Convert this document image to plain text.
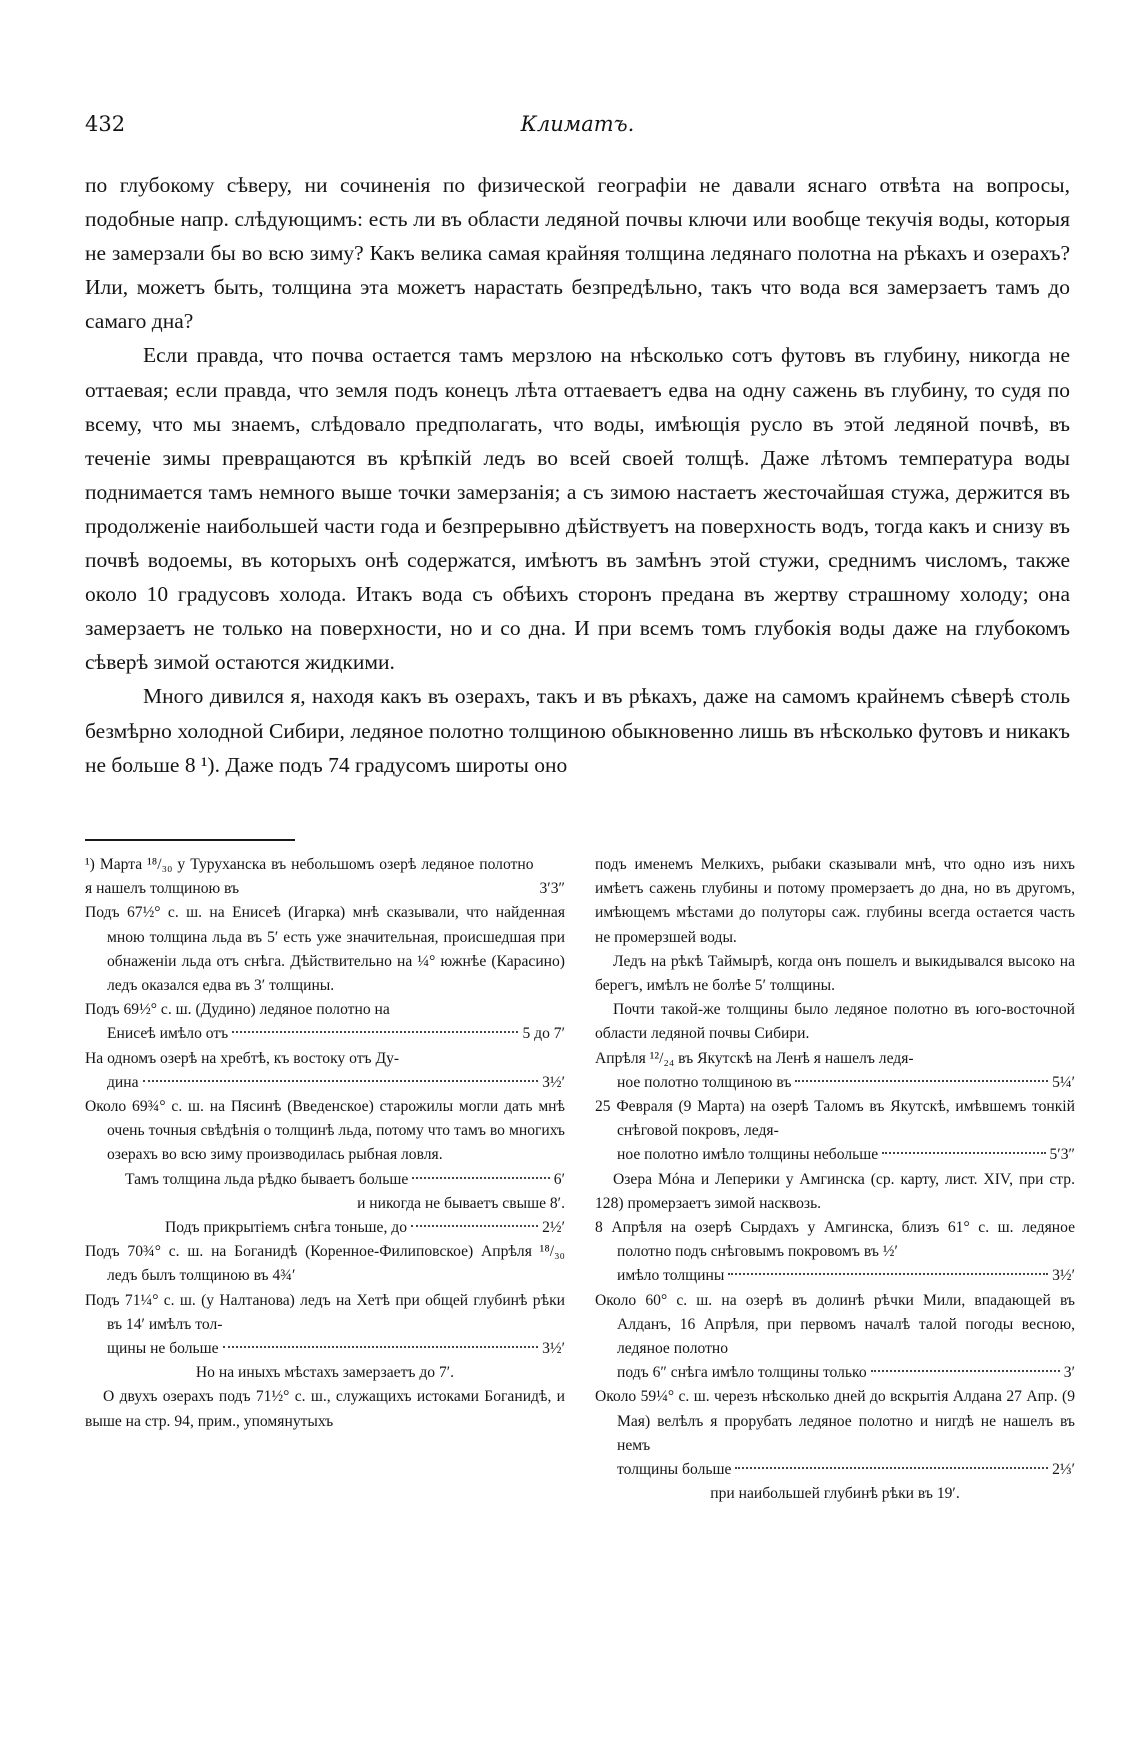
432	Климатъ.

по глубокому сѣверу, ни сочиненія по физической географіи не давали яснаго отвѣта на вопросы, подобные напр. слѣдующимъ: есть ли въ области ледяной почвы ключи или вообще текучія воды, которыя не замерзали бы во всю зиму? Какъ велика самая крайняя толщина ледянаго полотна на рѣкахъ и озерахъ? Или, можетъ быть, толщина эта можетъ нарастать безпредѣльно, такъ что вода вся замерзаетъ тамъ до самаго дна?

Если правда, что почва остается тамъ мерзлою на нѣсколько сотъ футовъ въ глубину, никогда не оттаевая; если правда, что земля подъ конецъ лѣта оттаеваетъ едва на одну сажень въ глубину, то судя по всему, что мы знаемъ, слѣдовало предполагать, что воды, имѣющія русло въ этой ледяной почвѣ, въ теченіе зимы превращаются въ крѣпкій ледъ во всей своей толщѣ. Даже лѣтомъ температура воды поднимается тамъ немного выше точки замерзанія; а съ зимою настаетъ жесточайшая стужа, держится въ продолженіе наибольшей части года и безпрерывно дѣйствуетъ на поверхность водъ, тогда какъ и снизу въ почвѣ водоемы, въ которыхъ онѣ содержатся, имѣютъ въ замѣнъ этой стужи, среднимъ числомъ, также около 10 градусовъ холода. Итакъ вода съ обѣихъ сторонъ предана въ жертву страшному холоду; она замерзаетъ не только на поверхности, но и со дна. И при всемъ томъ глубокія воды даже на глубокомъ сѣверѣ зимой остаются жидкими.

Много дивился я, находя какъ въ озерахъ, такъ и въ рѣкахъ, даже на самомъ крайнемъ сѣверѣ столь безмѣрно холодной Сибири, ледяное полотно толщиною обыкновенно лишь въ нѣсколько футовъ и никакъ не больше 8 ¹). Даже подъ 74 градусомъ широты оно

¹) Марта ¹⁸/₃₀ у Туруханска въ небольшомъ озерѣ ледяное полотно я нашелъ толщиною въ	3′3″

Подъ 67½° с. ш. на Енисеѣ (Игарка) мнѣ сказывали, что найденная мною толщина льда въ 5′ есть уже значительная, происшедшая при обнаженіи льда отъ снѣга. Дѣйствительно на ¼° южнѣе (Карасино) ледъ оказался едва въ 3′ толщины.

Подъ 69½° с. ш. (Дудино) ледяное полотно на

Енисеѣ имѣло отъ	5 до 7′

На одномъ озерѣ на хребтѣ, къ востоку отъ Ду-

дина	3½′

Около 69¾° с. ш. на Пясинѣ (Введенское) старожилы могли дать мнѣ очень точныя свѣдѣнія о толщинѣ льда, потому что тамъ во многихъ озерахъ во всю зиму производилась рыбная ловля.

Тамъ толщина льда рѣдко бываетъ больше	6′

и никогда не бываетъ свыше 8′.

Подъ прикрытіемъ снѣга тоньше, до	2½′

Подъ 70¾° с. ш. на Боганидѣ (Коренное-Филиповское) Апрѣля ¹⁸/₃₀ ледъ былъ толщиною въ 4¾′

Подъ 71¼° с. ш. (у Налтанова) ледъ на Хетѣ при общей глубинѣ рѣки въ 14′ имѣлъ тол-

щины не больше	3½′

Но на иныхъ мѣстахъ замерзаетъ до 7′.

О двухъ озерахъ подъ 71½° с. ш., служащихъ истоками Боганидѣ, и выше на стр. 94, прим., упомянутыхъ

подъ именемъ Мелкихъ, рыбаки сказывали мнѣ, что одно изъ нихъ имѣетъ сажень глубины и потому промерзаетъ до дна, но въ другомъ, имѣющемъ мѣстами до полуторы саж. глубины всегда остается часть не промерзшей воды.

Ледъ на рѣкѣ Таймырѣ, когда онъ пошелъ и выкидывался высоко на берегъ, имѣлъ не болѣе 5′ толщины.

Почти такой-же толщины было ледяное полотно въ юго-восточной области ледяной почвы Сибири.

Апрѣля ¹²/₂₄ въ Якутскѣ на Ленѣ я нашелъ ледя-

ное полотно толщиною въ	5¼′

25 Февраля (9 Марта) на озерѣ Таломъ въ Якутскѣ, имѣвшемъ тонкій снѣговой покровъ, ледя-

ное полотно имѣло толщины небольше	5′3″

Озера Мóна и Леперики у Амгинска (ср. карту, лист. XIV, при стр. 128) промерзаетъ зимой насквозь.

8 Апрѣля на озерѣ Сырдахъ у Амгинска, близъ 61° с. ш. ледяное полотно подъ снѣговымъ покровомъ въ ½′

имѣло толщины	3½′

Около 60° с. ш. на озерѣ въ долинѣ рѣчки Мили, впадающей въ Алданъ, 16 Апрѣля, при первомъ началѣ талой погоды весною, ледяное полотно

подъ 6″ снѣга имѣло толщины только	3′

Около 59¼° с. ш. черезъ нѣсколько дней до вскрытія Алдана 27 Апр. (9 Мая) велѣлъ я прорубать ледяное полотно и нигдѣ не нашелъ въ немъ

толщины больше	2⅓′

при наибольшей глубинѣ рѣки въ 19′.
